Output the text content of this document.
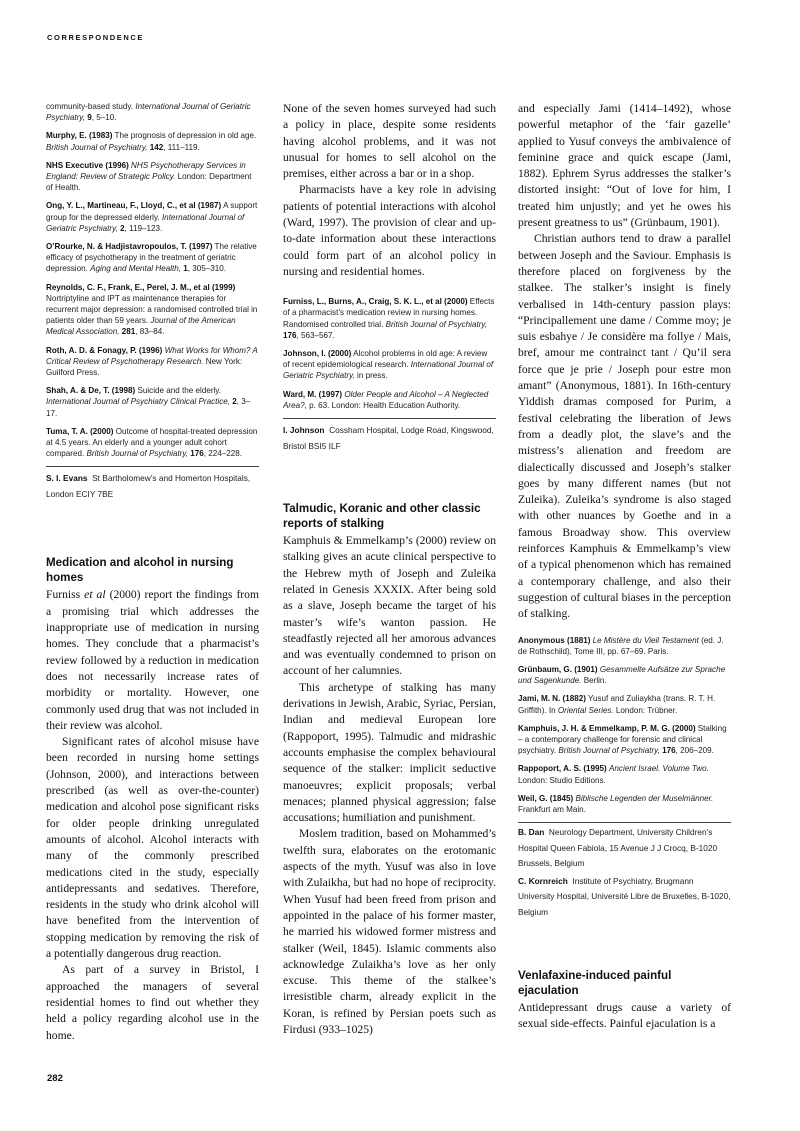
CORRESPONDENCE
community-based study. International Journal of Geriatric Psychiatry, 9, 5–10.
Murphy, E. (1983) The prognosis of depression in old age. British Journal of Psychiatry, 142, 111–119.
NHS Executive (1996) NHS Psychotherapy Services in England: Review of Strategic Policy. London: Department of Health.
Ong, Y. L., Martineau, F., Lloyd, C., et al (1987) A support group for the depressed elderly. International Journal of Geriatric Psychiatry, 2, 119–123.
O’Rourke, N. & Hadjistavropoulos, T. (1997) The relative efficacy of psychotherapy in the treatment of geriatric depression. Aging and Mental Health, 1, 305–310.
Reynolds, C. F., Frank, E., Perel, J. M., et al (1999) Nortriptyline and IPT as maintenance therapies for recurrent major depression: a randomised controlled trial in patients older than 59 years. Journal of the American Medical Association, 281, 83–84.
Roth, A. D. & Fonagy, P. (1996) What Works for Whom? A Critical Review of Psychotherapy Research. New York: Guilford Press.
Shah, A. & De, T. (1998) Suicide and the elderly. International Journal of Psychiatry Clinical Practice, 2, 3–17.
Tuma, T. A. (2000) Outcome of hospital-treated depression at 4.5 years. An elderly and a younger adult cohort compared. British Journal of Psychiatry, 176, 224–228.
S. I. Evans St Bartholomew’s and Homerton Hospitals, London ECIY 7BE
Medication and alcohol in nursing homes

Furniss et al (2000) report the findings from a promising trial which addresses the inappropriate use of medication in nursing homes. They conclude that a pharmacist’s review followed by a reduction in medication does not necessarily increase rates of morbidity or mortality. However, one commonly used drug that was not included in their review was alcohol.

Significant rates of alcohol misuse have been recorded in nursing home settings (Johnson, 2000), and interactions between prescribed (as well as over-the-counter) medication and alcohol pose significant risks for older people drinking unregulated amounts of alcohol. Alcohol interacts with many of the commonly prescribed medications cited in the study, especially antidepressants and sedatives. Therefore, residents in the study who drink alcohol will have benefited from the intervention of stopping medication by removing the risk of a potentially dangerous drug reaction.

As part of a survey in Bristol, I approached the managers of several residential homes to find out whether they held a policy regarding alcohol use in the home.

None of the seven homes surveyed had such a policy in place, despite some residents having alcohol problems, and it was not unusual for homes to sell alcohol on the premises, either across a bar or in a shop.

Pharmacists have a key role in advising patients of potential interactions with alcohol (Ward, 1997). The provision of clear and up-to-date information about these interactions could form part of an alcohol policy in nursing and residential homes.

Furniss, L., Burns, A., Craig, S. K. L., et al (2000) Effects of a pharmacist’s medication review in nursing homes. Randomised controlled trial. British Journal of Psychiatry, 176, 563–567.
Johnson, I. (2000) Alcohol problems in old age: A review of recent epidemiological research. International Journal of Geriatric Psychiatry, in press.
Ward, M. (1997) Older People and Alcohol – A Neglected Area?, p. 63. London: Health Education Authority.
I. Johnson Cossham Hospital, Lodge Road, Kingswood, Bristol BSI5 ILF
Talmudic, Koranic and other classic reports of stalking

Kamphuis & Emmelkamp’s (2000) review on stalking gives an acute clinical perspective to the Hebrew myth of Joseph and Zuleika related in Genesis XXXIX. After being sold as a slave, Joseph became the target of his master’s wife’s wanton passion. He steadfastly rejected all her amorous advances and was eventually condemned to prison on account of her calumnies.

This archetype of stalking has many derivations in Jewish, Arabic, Syriac, Persian, Indian and medieval European lore (Rappoport, 1995). Talmudic and midrashic accounts emphasise the complex behavioural sequence of the stalker: implicit seductive manoeuvres; explicit proposals; verbal menaces; planned physical aggression; false accusations; humiliation and punishment.

Moslem tradition, based on Mohammed’s twelfth sura, elaborates on the erotomanic aspects of the myth. Yusuf was also in love with Zulaikha, but had no hope of reciprocity. When Yusuf had been freed from prison and appointed in the palace of his former master, he married his widowed former mistress and stalker (Weil, 1845). Islamic comments also acknowledge Zulaikha’s love as her only excuse. This theme of the stalkee’s irresistible charm, already explicit in the Koran, is refined by Persian poets such as Firdusi (933–1025)

and especially Jami (1414–1492), whose powerful metaphor of the ‘fair gazelle’ applied to Yusuf conveys the ambivalence of feminine grace and quick escape (Jami, 1882). Ephrem Syrus addresses the stalker’s distorted insight: “Out of love for him, I treated him unjustly; and yet he owes his present greatness to us” (Grünbaum, 1901).

Christian authors tend to draw a parallel between Joseph and the Saviour. Emphasis is therefore placed on forgiveness by the stalkee. The stalker’s insight is finely verbalised in 14th-century passion plays: “Principallement une dame / Comme moy; je suis esbahye / Je considère ma follye / Mais, bref, amour me contrainct tant / Qu’il sera force que je prie / Joseph pour estre mon amant” (Anonymous, 1881). In 16th-century Yiddish dramas composed for Purim, a festival celebrating the liberation of Jews from a deadly plot, the slave’s and the mistress’s alienation and freedom are dialectically discussed and Joseph’s stalker goes by many different names (but not Zuleika). Zuleika’s syndrome is also staged with other nuances by Goethe and in a famous Broadway show. This overview reinforces Kamphuis & Emmelkamp’s view of a typical phenomenon which has remained a contemporary challenge, and also their suggestion of cultural biases in the perception of stalking.

Anonymous (1881) Le Mistère du Vieil Testament (ed. J. de Rothschild), Tome III, pp. 67–69. Paris.
Grünbaum, G. (1901) Gesammelte Aufsätze zur Sprache und Sagenkunde. Berlin.
Jami, M. N. (1882) Yusuf and Zuliaykha (trans. R. T. H. Griffith). In Oriental Series. London: Trübner.
Kamphuis, J. H. & Emmelkamp, P. M. G. (2000) Stalking – a contemporary challenge for forensic and clinical psychiatry. British Journal of Psychiatry, 176, 206–209.
Rappoport, A. S. (1995) Ancient Israel. Volume Two. London: Studio Editions.
Weil, G. (1845) Biblische Legenden der Muselmänner. Frankfurt am Main.
B. Dan Neurology Department, University Children’s Hospital Queen Fabiola, 15 Avenue J J Crocq, B-1020 Brussels, Belgium
C. Kornreich Institute of Psychiatry, Brugmann University Hospital, Université Libre de Bruxelles, B-1020, Belgium
Venlafaxine-induced painful ejaculation

Antidepressant drugs cause a variety of sexual side-effects. Painful ejaculation is a

282
